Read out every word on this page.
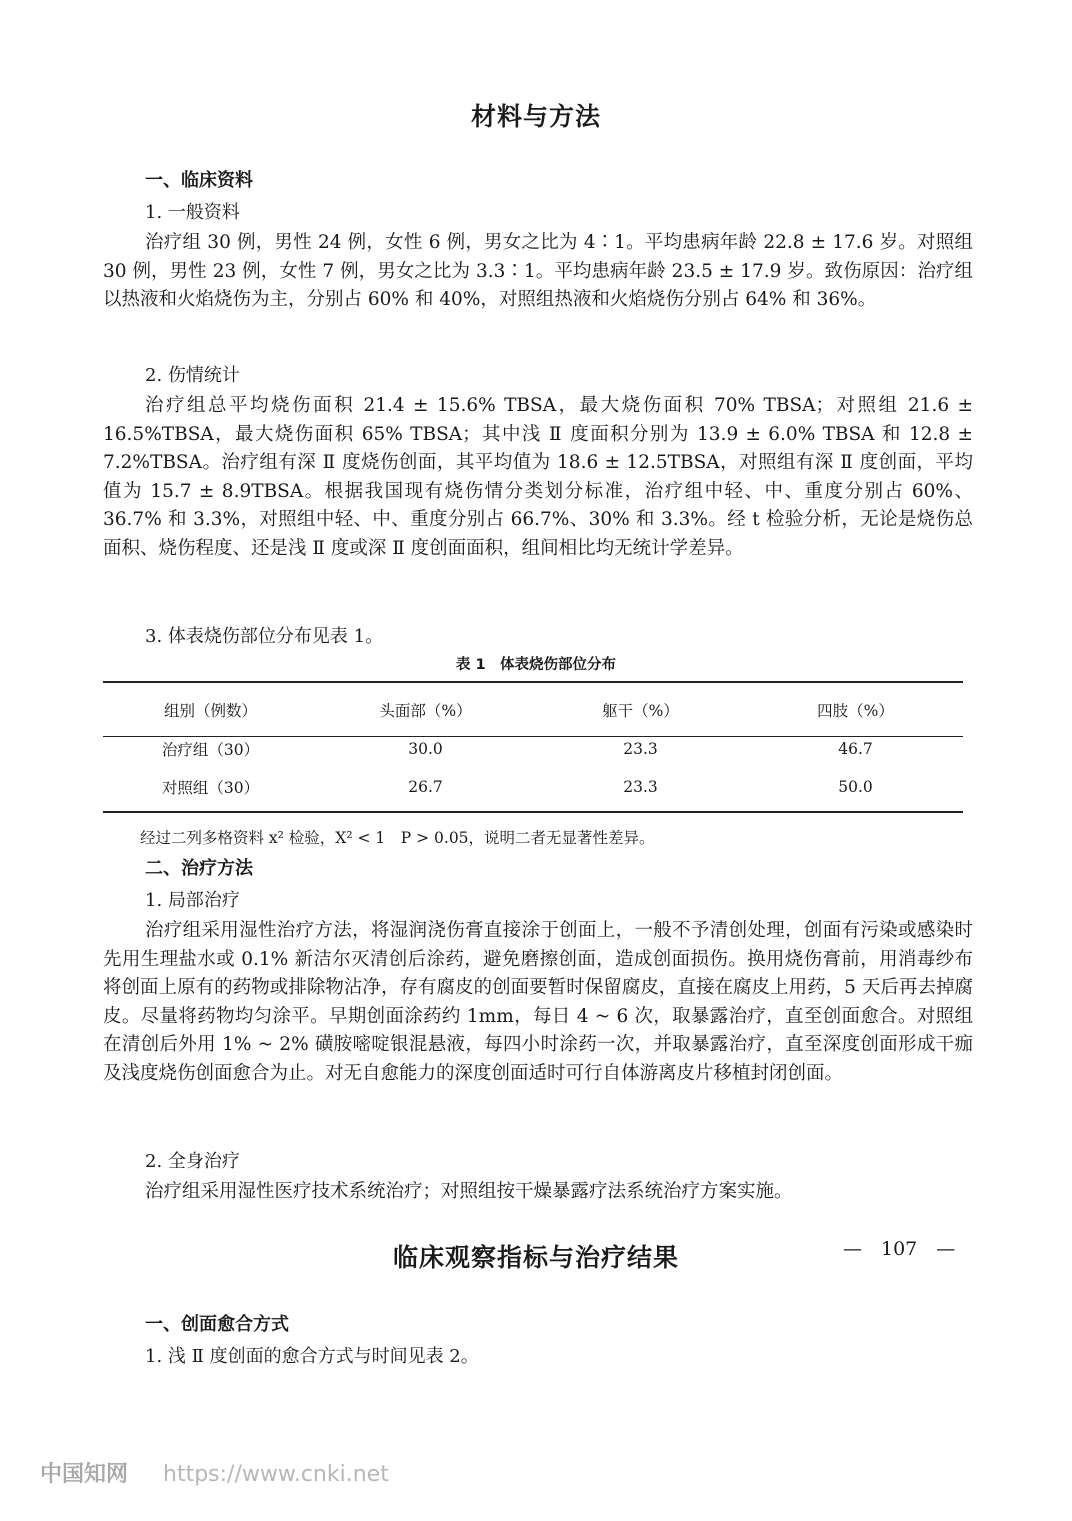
材料与方法
一、临床资料
1. 一般资料

治疗组 30 例，男性 24 例，女性 6 例，男女之比为 4∶1。平均患病年龄 22.8 ± 17.6 岁。对照组 30 例，男性 23 例，女性 7 例，男女之比为 3.3∶1。平均患病年龄 23.5 ± 17.9 岁。致伤原因：治疗组以热液和火焰烧伤为主，分别占 60% 和 40%，对照组热液和火焰烧伤分别占 64% 和 36%。

2. 伤情统计

治疗组总平均烧伤面积 21.4 ± 15.6% TBSA，最大烧伤面积 70% TBSA；对照组 21.6 ± 16.5%TBSA，最大烧伤面积 65% TBSA；其中浅 Ⅱ 度面积分别为 13.9 ± 6.0% TBSA 和 12.8 ± 7.2%TBSA。治疗组有深 Ⅱ 度烧伤创面，其平均值为 18.6 ± 12.5TBSA，对照组有深 Ⅱ 度创面，平均值为 15.7 ± 8.9TBSA。根据我国现有烧伤情分类划分标准，治疗组中轻、中、重度分别占 60%、36.7% 和 3.3%，对照组中轻、中、重度分别占 66.7%、30% 和 3.3%。经 t 检验分析，无论是烧伤总面积、烧伤程度、还是浅 Ⅱ 度或深 Ⅱ 度创面面积，组间相比均无统计学差异。

3. 体表烧伤部位分布见表 1。
表 1　体表烧伤部位分布
组别（例数）	头面部（%）	躯干（%）	四肢（%）
治疗组（30）	30.0	23.3	46.7
对照组（30）	26.7	23.3	50.0
经过二列多格资料 x² 检验，X² < 1　P > 0.05，说明二者无显著性差异。
二、治疗方法
1. 局部治疗

治疗组采用湿性治疗方法，将湿润浇伤膏直接涂于创面上，一般不予清创处理，创面有污染或感染时先用生理盐水或 0.1% 新洁尔灭清创后涂药，避免磨擦创面，造成创面损伤。换用烧伤膏前，用消毒纱布将创面上原有的药物或排除物沾净，存有腐皮的创面要暂时保留腐皮，直接在腐皮上用药，5 天后再去掉腐皮。尽量将药物均匀涂平。早期创面涂药约 1mm，每日 4 ~ 6 次，取暴露治疗，直至创面愈合。对照组在清创后外用 1% ~ 2% 磺胺嘧啶银混悬液，每四小时涂药一次，并取暴露治疗，直至深度创面形成干痂及浅度烧伤创面愈合为止。对无自愈能力的深度创面适时可行自体游离皮片移植封闭创面。

2. 全身治疗

治疗组采用湿性医疗技术系统治疗；对照组按干燥暴露疗法系统治疗方案实施。

临床观察指标与治疗结果
一、创面愈合方式
1. 浅 Ⅱ 度创面的愈合方式与时间见表 2。
—　107　—
中国知网 https://www.cnki.net
